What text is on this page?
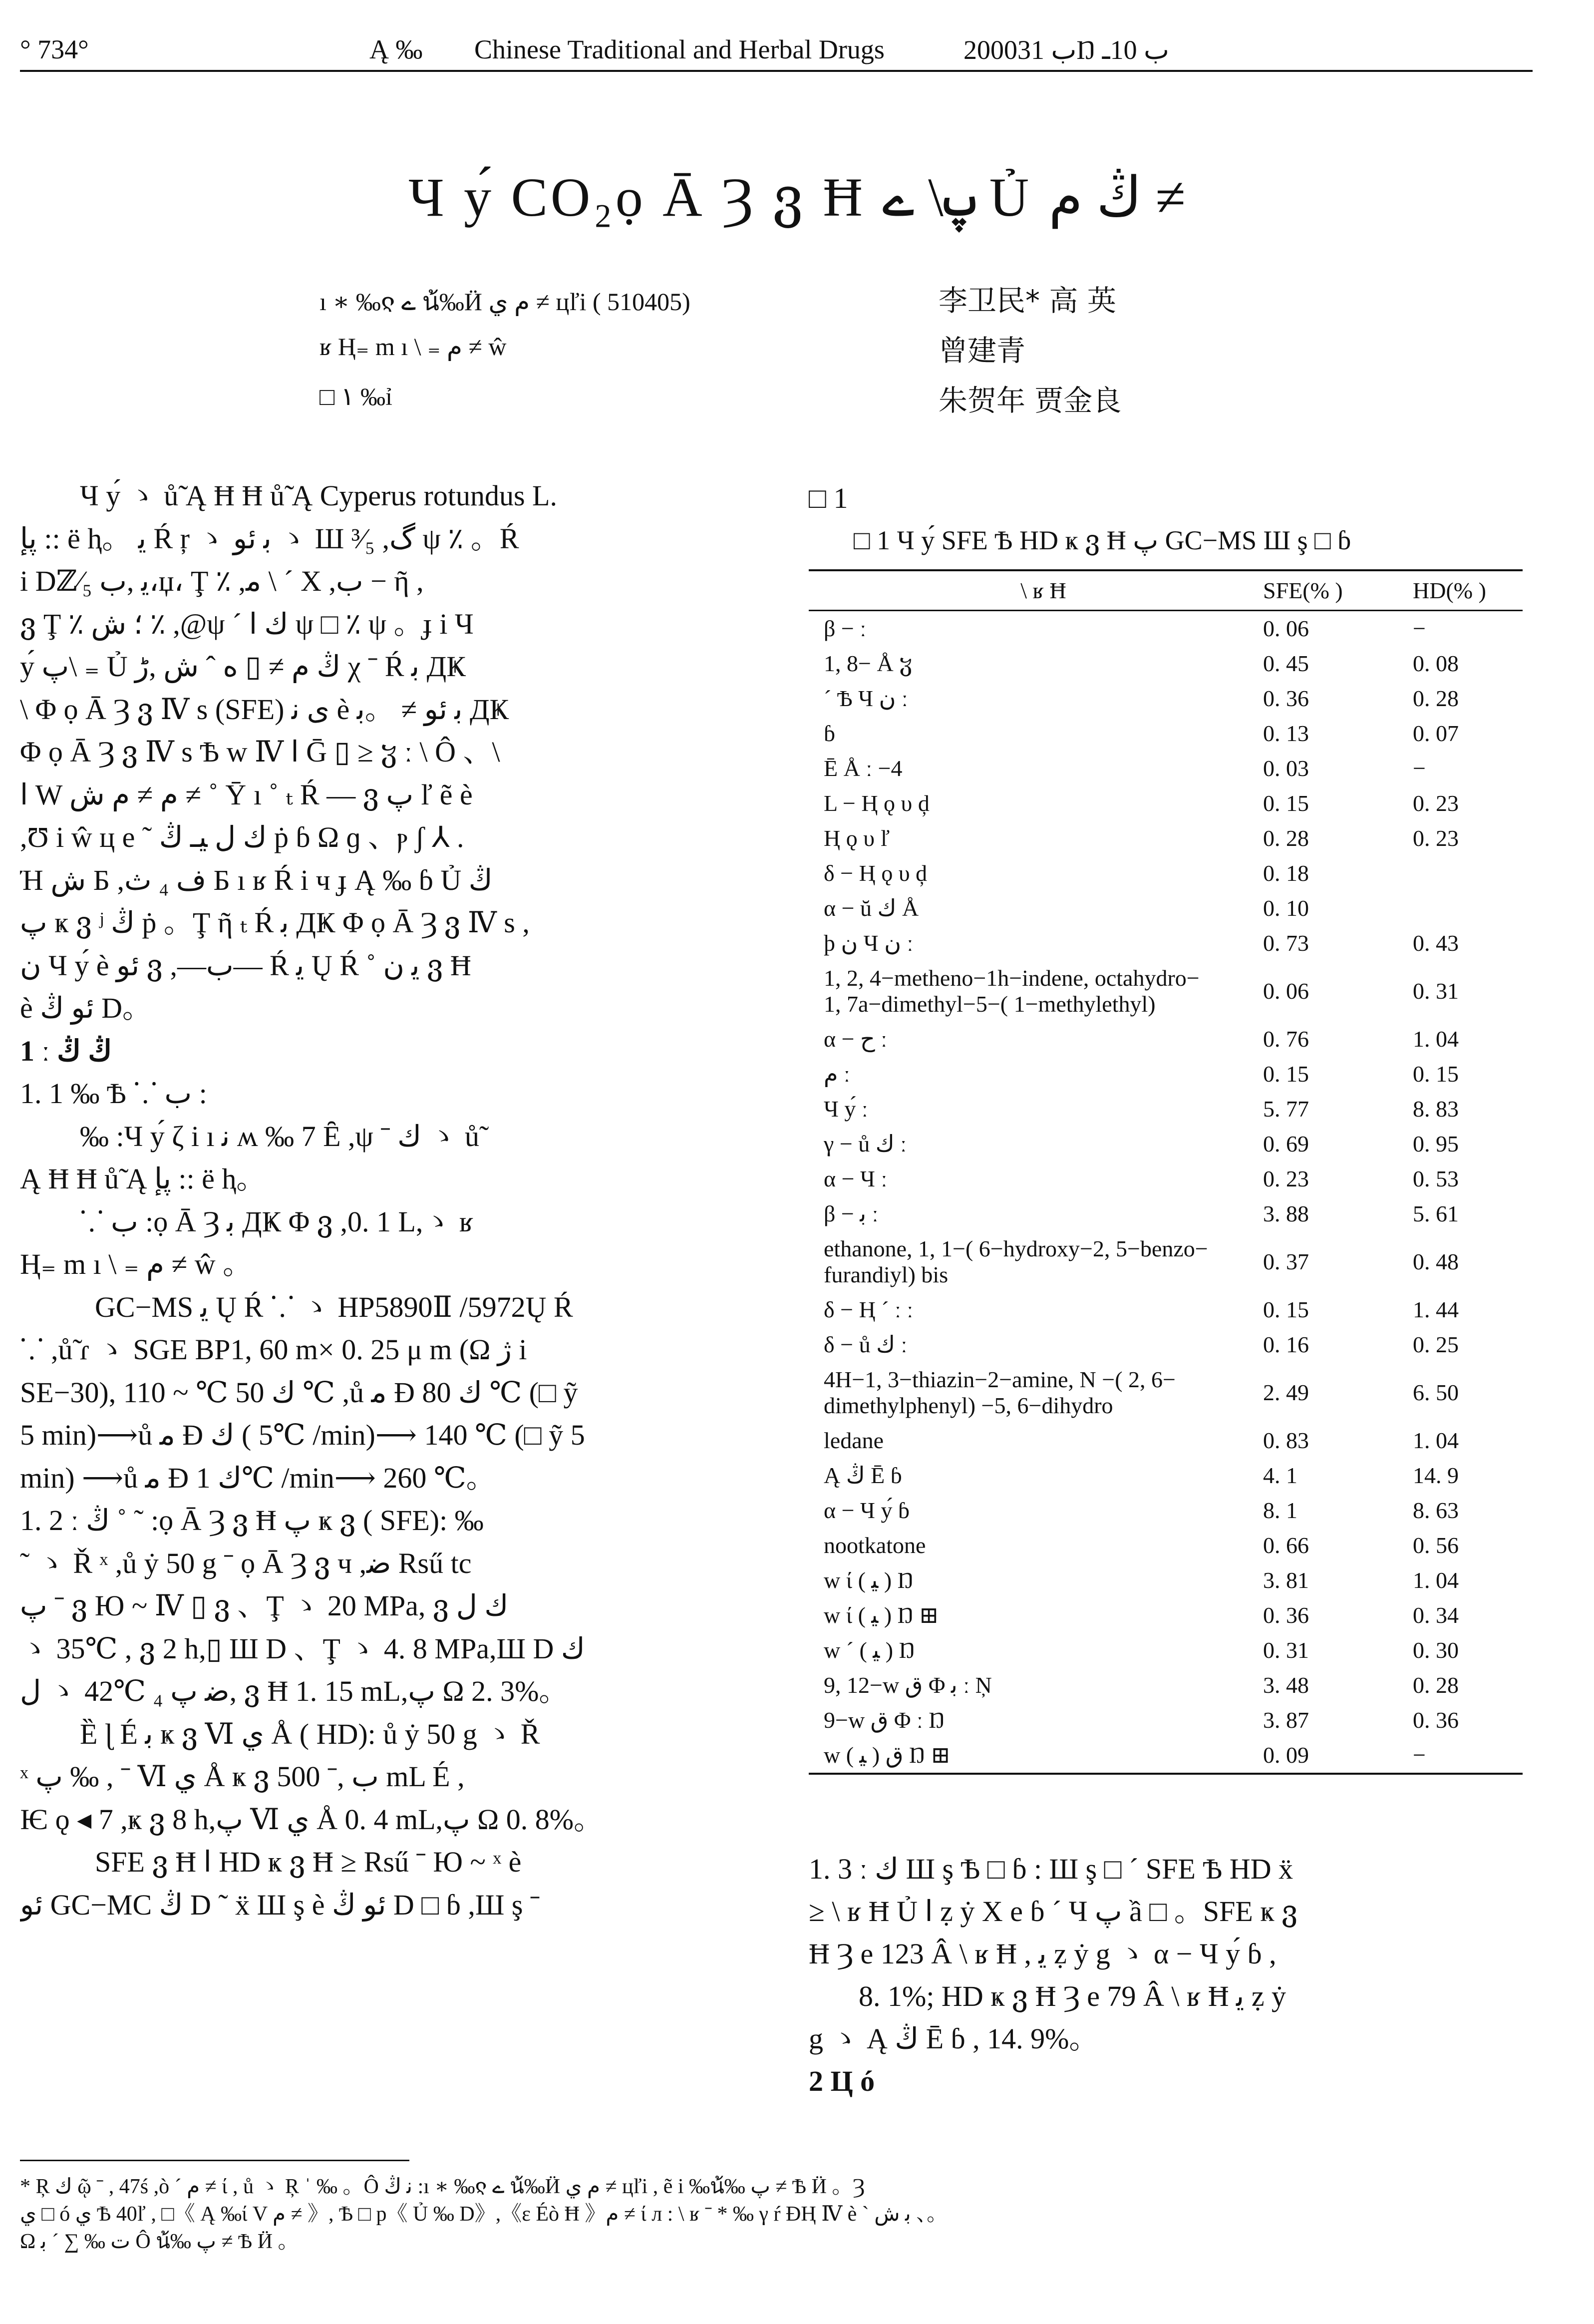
° 734°	Ą ‰ Chinese Traditional and Herbal Drugs	2000ب 31Ŋ ب 10ـ
Ч у́ CO₂ọ Ā Ȝ ვ Ħ پ\ ے Ủ ڭ ﻡ ≠
ı ∗ ‰ჺ ے น้‰Ӥ ﻡ ي ≠ цľi ( 510405)
ʁ Ⱨ₌ m ı \ ₌ ﻡ ≠ ŵ
□ ١ ‰ỉ
李卫民* 高 英
曾建青
朱贺年 贾金良

Ч у́ ゝ ů̃ Ą Ħ Ħ ů̃ Ą Cyperus rotundus L.

پإ :: ë ⱨ。 ﻳ Ŕ ŗ ゝ ﺑ ﺋﻮ ゝ Ш ³⁄₅ ,گ ψ ٪ 。Ŕ

i Dℤ⁄₅ ﻳ ,ب،џ، Ţ ٪ ,ﻣ \ ˊ Χ ,ب − ῆ ,

ვ Ţ ٪ ؛ ش ٪ ,@ψ ˊ ﻙ ﺍ ψ □ ٪ ψ 。ɟ i Ч

у́ پ\ ₌ Ủ ڭ ﻡ ≠ ▯ ﻩ ˆ ش ,ڑ χ ˉ Ŕ ﺑ ДҜ

\ Φ ọ Ā Ȝ ვ Ⅳ s (SFE) ی ﻧ è ﺑ ﺋﻮ ≠ 。ﺑ ДҜ

Φ ọ Ā Ȝ ვ Ⅳ s Ѣ w Ⅳ ﺍ Ḡ ▯ ≥ ჳ ː \ Ô 、\

ﺍ W ﻡ ≠ ﻡ ﺵ ≠ ˚ Ȳ ı ˚ ₜ Ŕ — ვ پ ľ ẽ è

,Ʊ i ŵ ц e ˜ ﻙ ﻝ ﻴـ ڭ ṗ ɓ Ω ɡ 、ⲣ ʃ ⅄ .

Ή ﺵ Б ,ف ₄ ث Б ı ʁ Ŕ i ч ɟ Ą ‰ ɓ Ủ ڭ

پ ҝ ვ ʲ ڭ ṗ 。Ţ ῆ ₜ Ŕ ﺑ ДҜ Φ ọ Ā Ȝ ვ Ⅳ s ,

ﻥ Ч у́ è ﺋﻮ ვ ,—ب— Ŕ ﻳ Ų Ŕ ˚ ﻳ ﻥ ვ Ħ

è ﺋﻮ ڭ D。

1 ː ڭ ڭ

1. 1 ‰ Ѣ ⸪ ب :

‰ :Ч у́ ζ i ı ﻧ ʍ ‰ 7 Ȇ ,ψ ˉ ﻙ ゝ ů̃

Ą Ħ Ħ ů̃ Ą پإ :: ë ⱨ。

⸪ ب :ọ Ā Ȝ ﺑ ДҜ Φ ვ ,0. 1 L,ゝ ʁ

Ⱨ₌ m ı \ ₌ ﻡ ≠ ŵ 。

GC−MS ﻳ Ų Ŕ ⸪ ゝ HP5890Ⅱ /5972Ų Ŕ

⸪ ,ů̃ ɾ ゝ SGE BP1, 60 m× 0. 25 μ m (Ω ژ i

SE−30), ﻙ 50 ℃ ~ 110 ℃ ,ů ﻣ Ð ﻙ 80 ℃ (□ ỹ

5 min)⟶ů ﻣ Ð ﻙ ( 5℃ /min)⟶ 140 ℃ (□ ỹ 5

min) ⟶ů ﻣ Ð ﻙ 1℃ /min⟶ 260 ℃。

1. 2 ː ڭ ˚ ˜ :ọ Ā Ȝ ვ Ħ پ ҝ ვ ( SFE): ‰

˜ ゝ Ř ˣ ,ů ẏ 50 g ˉ ọ Ā Ȝ ვ ч ,ﺿ Rsű tc

پ ˉ ვ Ю ~ Ⅳ ▯ ვ 、Ţ ゝ 20 MPa, ვ ﻙ ﻝ

ゝ 35℃ , ვ 2 h,▯ Ш D 、Ţ ゝ 4. 8 MPa,Ш D ﻙ

ﻝ ゝ 42℃ ₄ ﺿ پ, ვ Ħ 1. 15 mL,پ Ω 2. 3%。

Ȅ ɭ É ﺑ ҝ ვ Ⅵ ي Å ( HD): ů ẏ 50 g ゝ Ř

ˣ پ ‰ , ˉ Ⅵ ي Å ҝ ვ ب ,ˉ 500 mL É ,

Ѥ ǫ ◂ 7 ,ҝ ვ 8 h,پ Ⅵ ي Å 0. 4 mL,پ Ω 0. 8%。

SFE ვ Ħ ﺍ HD ҝ ვ Ħ ≥ Rsű ˉ Ю ~ ˣ è

ﺋﻮ GC−MC ڭ D ˜ ẍ Ш ş è ﺋﻮ ڭ D □ ɓ ,Ш ş ˉ

□ 1
□ 1 Ч у́ SFE Ѣ HD ҝ ვ Ħ پ GC−MS Ш ş □ ɓ
\ ʁ Ħ	SFE(% )	HD(% )
β − ː	0. 06	−
1, 8− Å ჳ	0. 45	0. 08
ˊ Ѣ Ч ﻥ ː	0. 36	0. 28
ɓ	0. 13	0. 07
Ē Å ː −4	0. 03	−
L − Ⱨ ǫ υ ḑ	0. 15	0. 23
Ⱨ ǫ υ ľ	0. 28	0. 23
δ − Ⱨ ǫ υ ḑ	0. 18	
α − ŭ ﻙ Å	0. 10	
þ ﻥ Ч ﻥ ː	0. 73	0. 43
1, 2, 4−metheno−1h−indene, octahydro−
1, 7a−dimethyl−5−( 1−methylethyl)	0. 06	0. 31
α − ﺡ ː	0. 76	1. 04
ﻡ ː	0. 15	0. 15
Ч у́ ː	5. 77	8. 83
γ − ů ﻙ ː	0. 69	0. 95
α − Ч ː	0. 23	0. 53
β − ﺑ ː	3. 88	5. 61
ethanone, 1, 1−( 6−hydroxy−2, 5−benzo−
furandiyl) bis	0. 37	0. 48
δ − Ⱨ ˊ ː ː	0. 15	1. 44
δ − ů ﻙ ː	0. 16	0. 25
4H−1, 3−thiazin−2−amine, N −( 2, 6−
dimethylphenyl) −5, 6−dihydro	2. 49	6. 50
ledane	0. 83	1. 04
Ą ڭ Ē ɓ	4. 1	14. 9
α − Ч у́ ɓ	8. 1	8. 63
nootkatone	0. 66	0. 56
w ί ( ﻴ ) Ŋ	3. 81	1. 04
w ί ( ﻴ ) Ŋ ⊞	0. 36	0. 34
w ˊ ( ﻴ ) Ŋ	0. 31	0. 30
9, 12−w ق Φ ﺑ ː Ņ	3. 48	0. 28
9−w ق Φ ː Ŋ	3. 87	0. 36
w ق ( ﻴ ) Ŋ ⊞	0. 09	−
1. 3 ː ﻙ Ш ş Ѣ □ ɓ : Ш ş □ ˊ SFE Ѣ HD ẍ
≥ \ ʁ Ħ Ủ ﺍ ẓ ẏ Χ e ɓ ˊ Ч پ ầ □ 。SFE ҝ ვ
Ħ Ȝ e 123 Â \ ʁ Ħ , ﻳ ẓ ẏ g ゝ α − Ч у́ ɓ ,
8. 1%; HD ҝ ვ Ħ Ȝ e 79 Â \ ʁ Ħ ﻳ ẓ ẏ
g ゝ Ą ڭ Ē ɓ , 14. 9%。
2 Ц ó
* Ŗ ﻙ ῷ ˉ , 47ś ,ò ˊ ﻡ ≠ ί , ů ゝ Ŗ ˈ ‰ 。Ô ﻧ ڭ :ı ∗ ‰ჺ ے น้‰Ӥ ﻡ ي ≠ цľi , ẽ i ‰น้‰ پ ≠ Ѣ Ӥ 。Ȝ
ي □ ó ي Ѣ 40ľ , □《 Ą ‰ί V ﻡ ≠ 》, Ѣ □ p《 Ủ ‰ D》,《ɛ Éò Ħ 》ﻡ ≠ ί л : \ ʁ ˉ * ‰ γ ŕ ĐⱧ Ⅳ è ˋ ﺑ ﺵ 、。
Ω ت ‰ ∑ ˊ ﺑ Ô น้‰ پ ≠ Ѣ Ӥ 。
